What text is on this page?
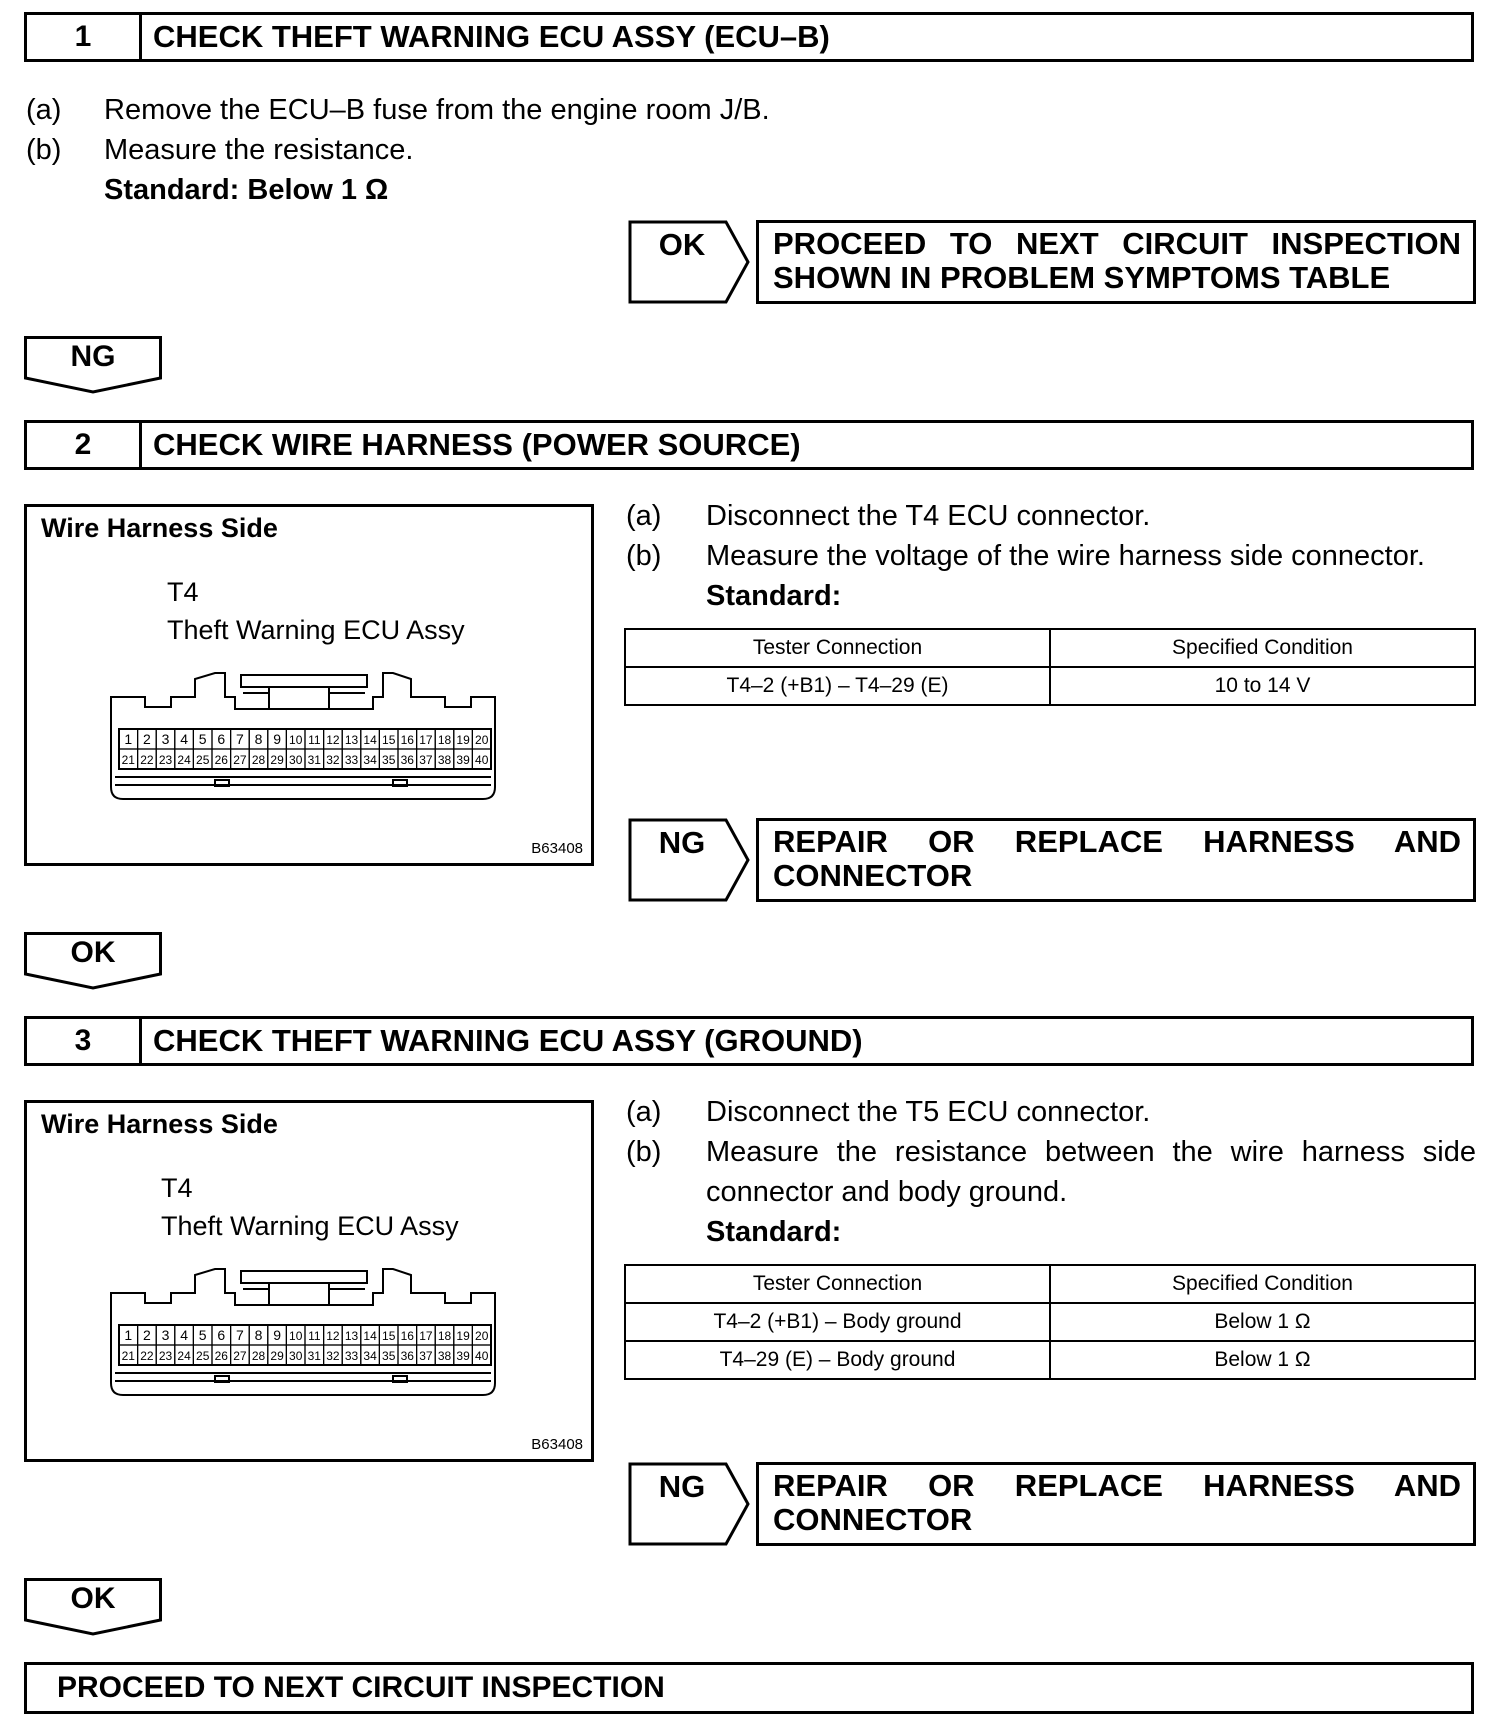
1	CHECK THEFT WARNING ECU ASSY (ECU–B)
(a) Remove the ECU–B fuse from the engine room J/B.
(b) Measure the resistance.
Standard: Below 1 Ω
OK	PROCEED TO NEXT CIRCUIT INSPECTION
SHOWN IN PROBLEM SYMPTOMS TABLE
NG
2	CHECK WIRE HARNESS (POWER SOURCE)
Wire Harness Side
T4
Theft Warning ECU Assy
1 2 3 4 5 6 7 8 9 10 11 12 13 14 15 16 17 18 19 20
21 22 23 24 25 26 27 28 29 30 31 32 33 34 35 36 37 38 39 40
B63408
(a) Disconnect the T4 ECU connector.
(b) Measure the voltage of the wire harness side connector.
Standard:
Tester Connection	Specified Condition
T4–2 (+B1) – T4–29 (E)	10 to 14 V
NG	REPAIR OR REPLACE HARNESS AND
CONNECTOR
OK
3	CHECK THEFT WARNING ECU ASSY (GROUND)
Wire Harness Side
T4
Theft Warning ECU Assy
1 2 3 4 5 6 7 8 9 10 11 12 13 14 15 16 17 18 19 20
21 22 23 24 25 26 27 28 29 30 31 32 33 34 35 36 37 38 39 40
B63408
(a) Disconnect the T5 ECU connector.
(b) Measure the resistance between the wire harness side
connector and body ground.
Standard:
Tester Connection	Specified Condition
T4–2 (+B1) – Body ground	Below 1 Ω
T4–29 (E) – Body ground	Below 1 Ω
NG	REPAIR OR REPLACE HARNESS AND
CONNECTOR
OK
PROCEED TO NEXT CIRCUIT INSPECTION
